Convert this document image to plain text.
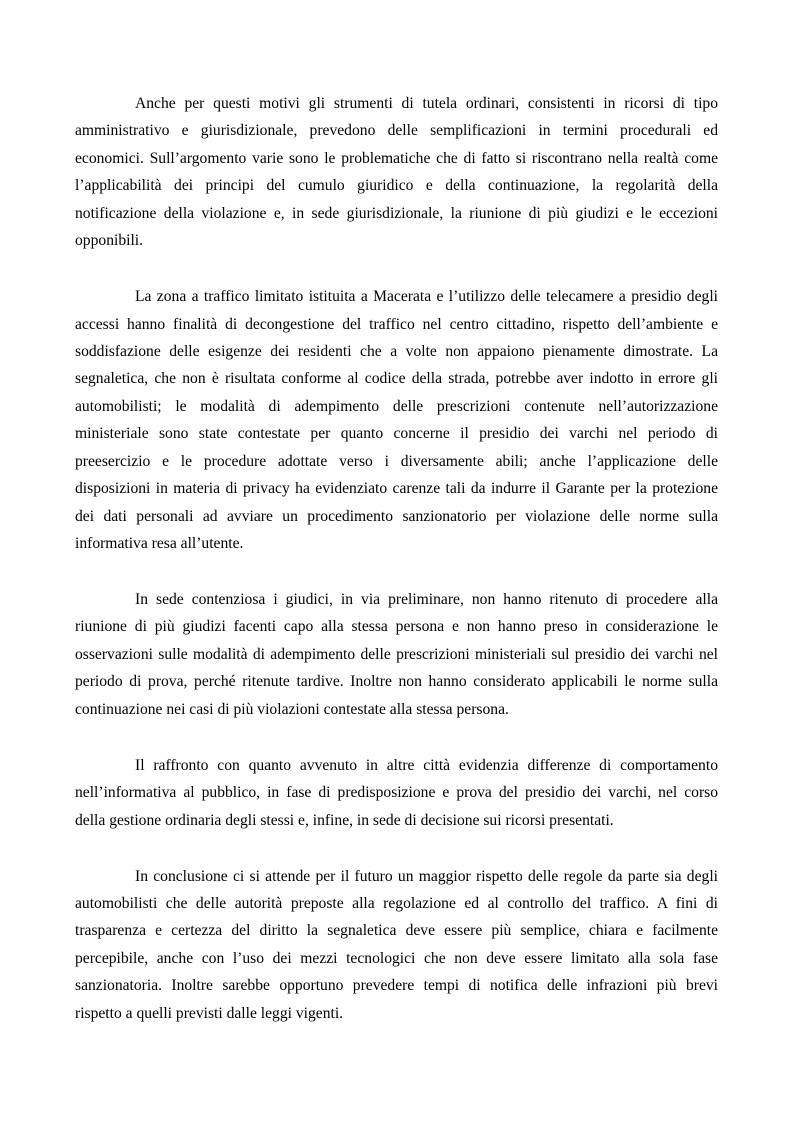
Anche per questi motivi gli strumenti di tutela ordinari, consistenti in ricorsi di tipo
amministrativo e giurisdizionale, prevedono delle semplificazioni in termini procedurali ed
economici. Sull’argomento varie sono le problematiche che di fatto si riscontrano nella realtà come
l’applicabilità dei principi del cumulo giuridico e della continuazione, la regolarità della
notificazione della violazione e, in sede giurisdizionale, la riunione di più giudizi e le eccezioni
opponibili.
La zona a traffico limitato istituita a Macerata e l’utilizzo delle telecamere a presidio degli
accessi hanno finalità di decongestione del traffico nel centro cittadino, rispetto dell’ambiente e
soddisfazione delle esigenze dei residenti che a volte non appaiono pienamente dimostrate. La
segnaletica, che non è risultata conforme al codice della strada, potrebbe aver indotto in errore gli
automobilisti; le modalità di adempimento delle prescrizioni contenute nell’autorizzazione
ministeriale sono state contestate per quanto concerne il presidio dei varchi nel periodo di
preesercizio e le procedure adottate verso i diversamente abili; anche l’applicazione delle
disposizioni in materia di privacy ha evidenziato carenze tali da indurre il Garante per la protezione
dei dati personali ad avviare un procedimento sanzionatorio per violazione delle norme sulla
informativa resa all’utente.
In sede contenziosa i giudici, in via preliminare, non hanno ritenuto di procedere alla
riunione di più giudizi facenti capo alla stessa persona e non hanno preso in considerazione le
osservazioni sulle modalità di adempimento delle prescrizioni ministeriali sul presidio dei varchi nel
periodo di prova, perché ritenute tardive. Inoltre non hanno considerato applicabili le norme sulla
continuazione nei casi di più violazioni contestate alla stessa persona.
Il raffronto con quanto avvenuto in altre città evidenzia differenze di comportamento
nell’informativa al pubblico, in fase di predisposizione e prova del presidio dei varchi, nel corso
della gestione ordinaria degli stessi e, infine, in sede di decisione sui ricorsi presentati.
In conclusione ci si attende per il futuro un maggior rispetto delle regole da parte sia degli
automobilisti che delle autorità preposte alla regolazione ed al controllo del traffico. A fini di
trasparenza e certezza del diritto la segnaletica deve essere più semplice, chiara e facilmente
percepibile, anche con l’uso dei mezzi tecnologici che non deve essere limitato alla sola fase
sanzionatoria. Inoltre sarebbe opportuno prevedere tempi di notifica delle infrazioni più brevi
rispetto a quelli previsti dalle leggi vigenti.
